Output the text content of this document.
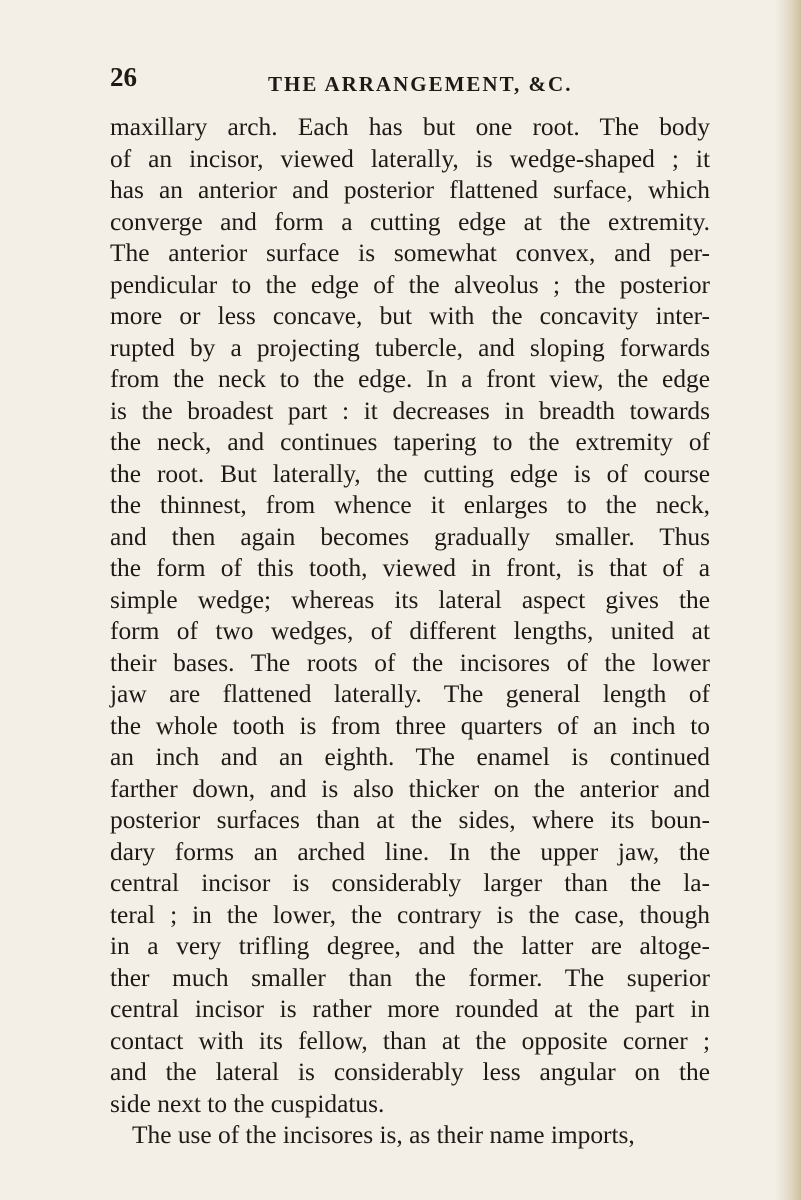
26	THE ARRANGEMENT, &C.
maxillary arch. Each has but one root. The body
of an incisor, viewed laterally, is wedge-shaped ; it
has an anterior and posterior flattened surface, which
converge and form a cutting edge at the extremity.
The anterior surface is somewhat convex, and per-
pendicular to the edge of the alveolus ; the posterior
more or less concave, but with the concavity inter-
rupted by a projecting tubercle, and sloping forwards
from the neck to the edge. In a front view, the edge
is the broadest part : it decreases in breadth towards
the neck, and continues tapering to the extremity of
the root. But laterally, the cutting edge is of course
the thinnest, from whence it enlarges to the neck,
and then again becomes gradually smaller. Thus
the form of this tooth, viewed in front, is that of a
simple wedge; whereas its lateral aspect gives the
form of two wedges, of different lengths, united at
their bases. The roots of the incisores of the lower
jaw are flattened laterally. The general length of
the whole tooth is from three quarters of an inch to
an inch and an eighth. The enamel is continued
farther down, and is also thicker on the anterior and
posterior surfaces than at the sides, where its boun-
dary forms an arched line. In the upper jaw, the
central incisor is considerably larger than the la-
teral ; in the lower, the contrary is the case, though
in a very trifling degree, and the latter are altoge-
ther much smaller than the former. The superior
central incisor is rather more rounded at the part in
contact with its fellow, than at the opposite corner ;
and the lateral is considerably less angular on the
side next to the cuspidatus.
The use of the incisores is, as their name imports,
